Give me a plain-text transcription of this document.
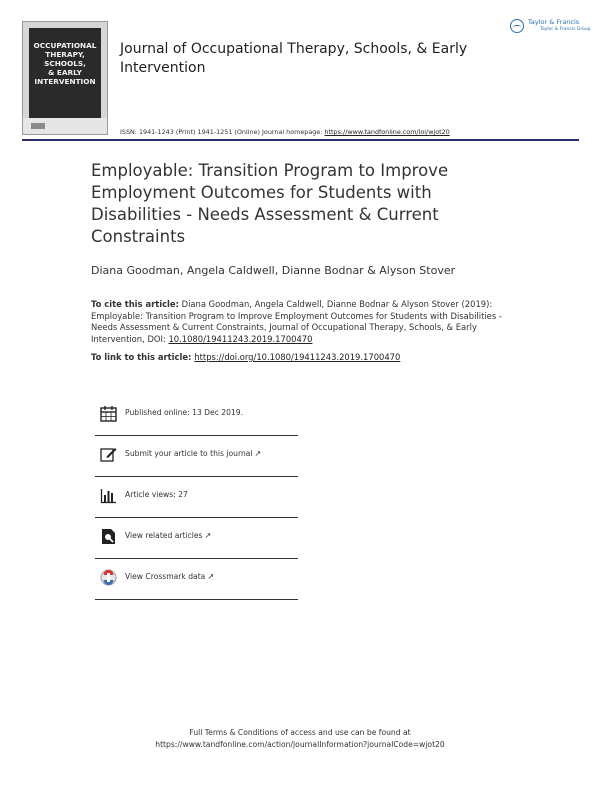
OCCUPATIONAL
THERAPY,
SCHOOLS,
& EARLY
INTERVENTION
Journal of Occupational Therapy, Schools, & Early Intervention
Taylor & Francis
Taylor & Francis Group
ISSN: 1941-1243 (Print) 1941-1251 (Online) Journal homepage: https://www.tandfonline.com/loi/wjot20
Employable: Transition Program to Improve Employment Outcomes for Students with Disabilities - Needs Assessment & Current Constraints
Diana Goodman, Angela Caldwell, Dianne Bodnar & Alyson Stover
To cite this article: Diana Goodman, Angela Caldwell, Dianne Bodnar & Alyson Stover (2019): Employable: Transition Program to Improve Employment Outcomes for Students with Disabilities - Needs Assessment & Current Constraints, Journal of Occupational Therapy, Schools, & Early Intervention, DOI: 10.1080/19411243.2019.1700470
To link to this article: https://doi.org/10.1080/19411243.2019.1700470
Published online: 13 Dec 2019.
Submit your article to this journal ↗
Article views: 27
View related articles ↗
View Crossmark data ↗
Full Terms & Conditions of access and use can be found at
https://www.tandfonline.com/action/journalInformation?journalCode=wjot20
